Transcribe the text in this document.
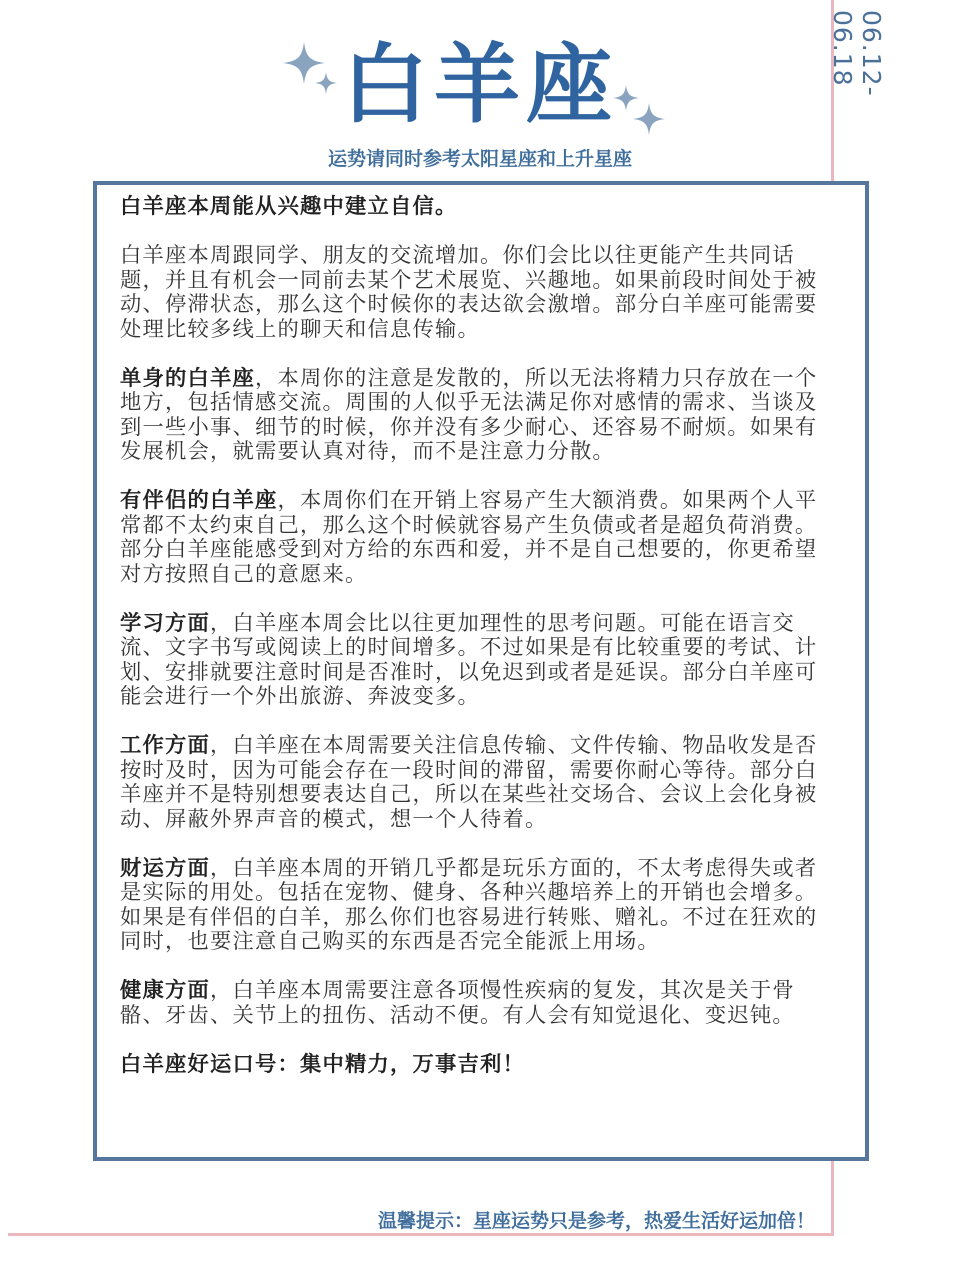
06.12-06.18
白羊座
运势请同时参考太阳星座和上升星座

白羊座本周能从兴趣中建立自信。

白羊座本周跟同学、朋友的交流增加。你们会比以往更能产生共同话题，并且有机会一同前去某个艺术展览、兴趣地。如果前段时间处于被动、停滞状态，那么这个时候你的表达欲会激增。部分白羊座可能需要处理比较多线上的聊天和信息传输。

单身的白羊座，本周你的注意是发散的，所以无法将精力只存放在一个地方，包括情感交流。周围的人似乎无法满足你对感情的需求、当谈及到一些小事、细节的时候，你并没有多少耐心、还容易不耐烦。如果有发展机会，就需要认真对待，而不是注意力分散。

有伴侣的白羊座，本周你们在开销上容易产生大额消费。如果两个人平常都不太约束自己，那么这个时候就容易产生负债或者是超负荷消费。部分白羊座能感受到对方给的东西和爱，并不是自己想要的，你更希望对方按照自己的意愿来。

学习方面，白羊座本周会比以往更加理性的思考问题。可能在语言交流、文字书写或阅读上的时间增多。不过如果是有比较重要的考试、计划、安排就要注意时间是否准时，以免迟到或者是延误。部分白羊座可能会进行一个外出旅游、奔波变多。

工作方面，白羊座在本周需要关注信息传输、文件传输、物品收发是否按时及时，因为可能会存在一段时间的滞留，需要你耐心等待。部分白羊座并不是特别想要表达自己，所以在某些社交场合、会议上会化身被动、屏蔽外界声音的模式，想一个人待着。

财运方面，白羊座本周的开销几乎都是玩乐方面的，不太考虑得失或者是实际的用处。包括在宠物、健身、各种兴趣培养上的开销也会增多。如果是有伴侣的白羊，那么你们也容易进行转账、赠礼。不过在狂欢的同时，也要注意自己购买的东西是否完全能派上用场。

健康方面，白羊座本周需要注意各项慢性疾病的复发，其次是关于骨骼、牙齿、关节上的扭伤、活动不便。有人会有知觉退化、变迟钝。

白羊座好运口号：集中精力，万事吉利！

温馨提示：星座运势只是参考，热爱生活好运加倍！
